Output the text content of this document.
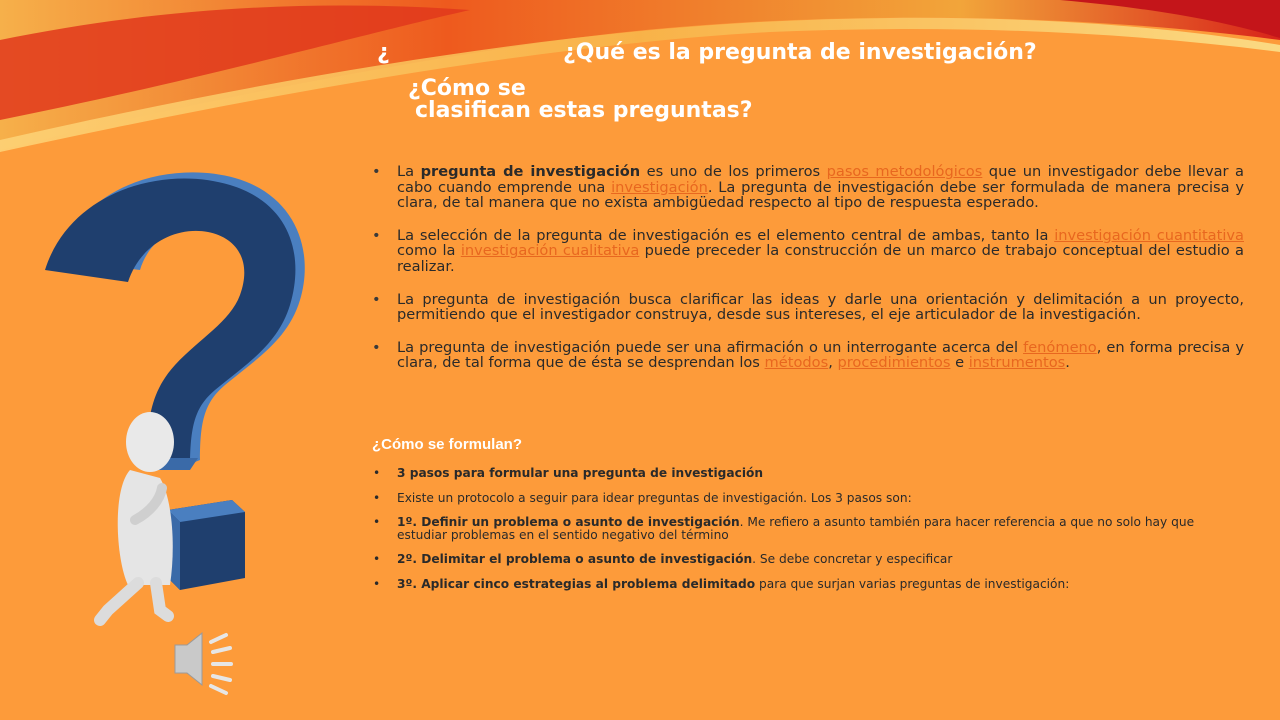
¿	¿Qué es la pregunta de investigación?
¿Cómo se
clasifican estas preguntas?
• La pregunta de investigación es uno de los primeros pasos metodológicos que un investigador debe llevar a cabo cuando emprende una investigación. La pregunta de investigación debe ser formulada de manera precisa y clara, de tal manera que no exista ambigüedad respecto al tipo de respuesta esperado.
• La selección de la pregunta de investigación es el elemento central de ambas, tanto la investigación cuantitativa como la investigación cualitativa puede preceder la construcción de un marco de trabajo conceptual del estudio a realizar.
• La pregunta de investigación busca clarificar las ideas y darle una orientación y delimitación a un proyecto, permitiendo que el investigador construya, desde sus intereses, el eje articulador de la investigación.
• La pregunta de investigación puede ser una afirmación o un interrogante acerca del fenómeno, en forma precisa y clara, de tal forma que de ésta se desprendan los métodos, procedimientos e instrumentos.
¿Cómo se formulan?
• 3 pasos para formular una pregunta de investigación
• Existe un protocolo a seguir para idear preguntas de investigación. Los 3 pasos son:
• 1º. Definir un problema o asunto de investigación. Me refiero a asunto también para hacer referencia a que no solo hay que estudiar problemas en el sentido negativo del término
• 2º. Delimitar el problema o asunto de investigación. Se debe concretar y especificar
• 3º. Aplicar cinco estrategias al problema delimitado para que surjan varias preguntas de investigación:
